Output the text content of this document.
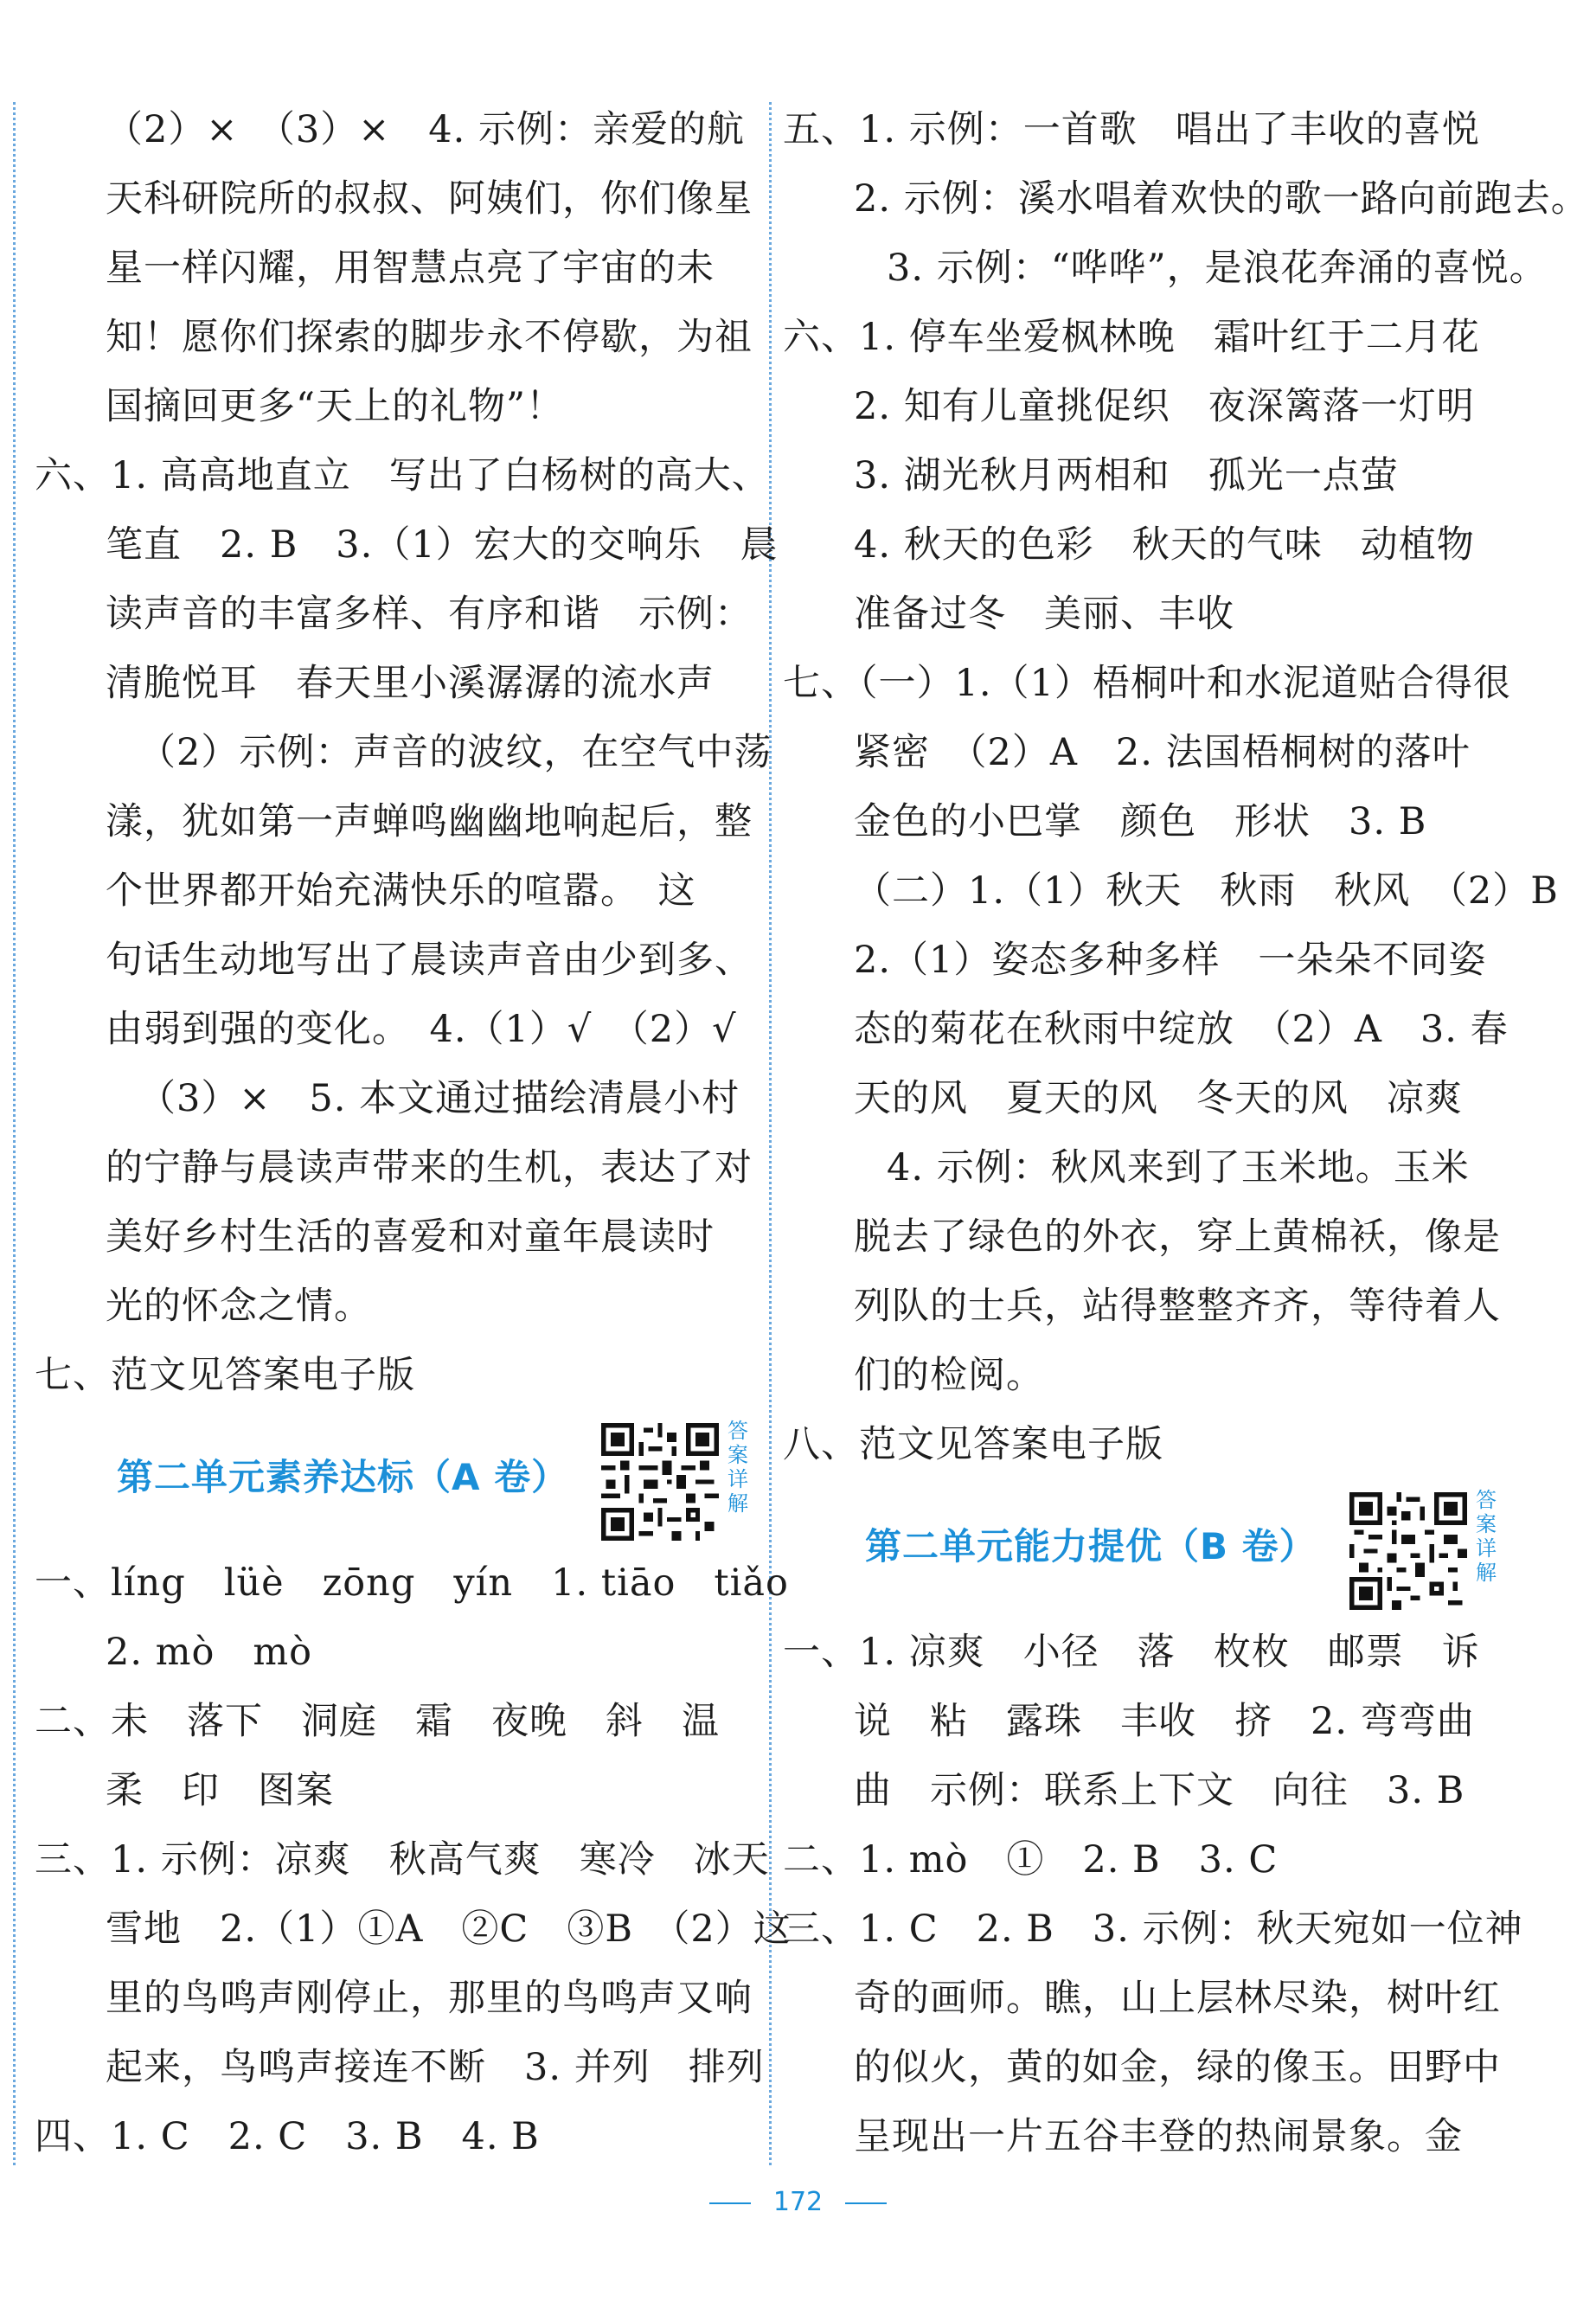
（2）×　（3）×　4. 示例：亲爱的航
天科研院所的叔叔、阿姨们，你们像星
星一样闪耀，用智慧点亮了宇宙的未
知！愿你们探索的脚步永不停歇，为祖
国摘回更多“天上的礼物”！
六、1. 高高地直立　写出了白杨树的高大、
笔直　2. B　3.（1）宏大的交响乐　晨
读声音的丰富多样、有序和谐　示例：
清脆悦耳　春天里小溪潺潺的流水声
（2）示例：声音的波纹，在空气中荡
漾，犹如第一声蝉鸣幽幽地响起后，整
个世界都开始充满快乐的喧嚣。　这
句话生动地写出了晨读声音由少到多、
由弱到强的变化。　4.（1）√　（2）√
（3）×　5. 本文通过描绘清晨小村
的宁静与晨读声带来的生机，表达了对
美好乡村生活的喜爱和对童年晨读时
光的怀念之情。
七、范文见答案电子版
第二单元素养达标（A 卷）
答案详解
一、líng　lüè　zōng　yín　1. tiāo　tiǎo
2. mò　mò
二、未　落下　洞庭　霜　夜晚　斜　温
柔　印　图案
三、1. 示例：凉爽　秋高气爽　寒冷　冰天
雪地　2.（1）①A　②C　③B　（2）这
里的鸟鸣声刚停止，那里的鸟鸣声又响
起来，鸟鸣声接连不断　3. 并列　排列
四、1. C　2. C　3. B　4. B
五、1. 示例：一首歌　唱出了丰收的喜悦
2. 示例：溪水唱着欢快的歌一路向前跑去。
3. 示例：“哗哗”，是浪花奔涌的喜悦。
六、1. 停车坐爱枫林晚　霜叶红于二月花
2. 知有儿童挑促织　夜深篱落一灯明
3. 湖光秋月两相和　孤光一点萤
4. 秋天的色彩　秋天的气味　动植物
准备过冬　美丽、丰收
七、（一）1.（1）梧桐叶和水泥道贴合得很
紧密　（2）A　2. 法国梧桐树的落叶
金色的小巴掌　颜色　形状　3. B
（二）1.（1）秋天　秋雨　秋风　（2）B
2.（1）姿态多种多样　一朵朵不同姿
态的菊花在秋雨中绽放　（2）A　3. 春
天的风　夏天的风　冬天的风　凉爽
4. 示例：秋风来到了玉米地。玉米
脱去了绿色的外衣，穿上黄棉袄，像是
列队的士兵，站得整整齐齐，等待着人
们的检阅。
八、范文见答案电子版
第二单元能力提优（B 卷）
答案详解
一、1. 凉爽　小径　落　枚枚　邮票　诉
说　粘　露珠　丰收　挤　2. 弯弯曲
曲　示例：联系上下文　向往　3. B
二、1. mò　①　2. B　3. C
三、1. C　2. B　3. 示例：秋天宛如一位神
奇的画师。瞧，山上层林尽染，树叶红
的似火，黄的如金，绿的像玉。田野中
呈现出一片五谷丰登的热闹景象。金
172
